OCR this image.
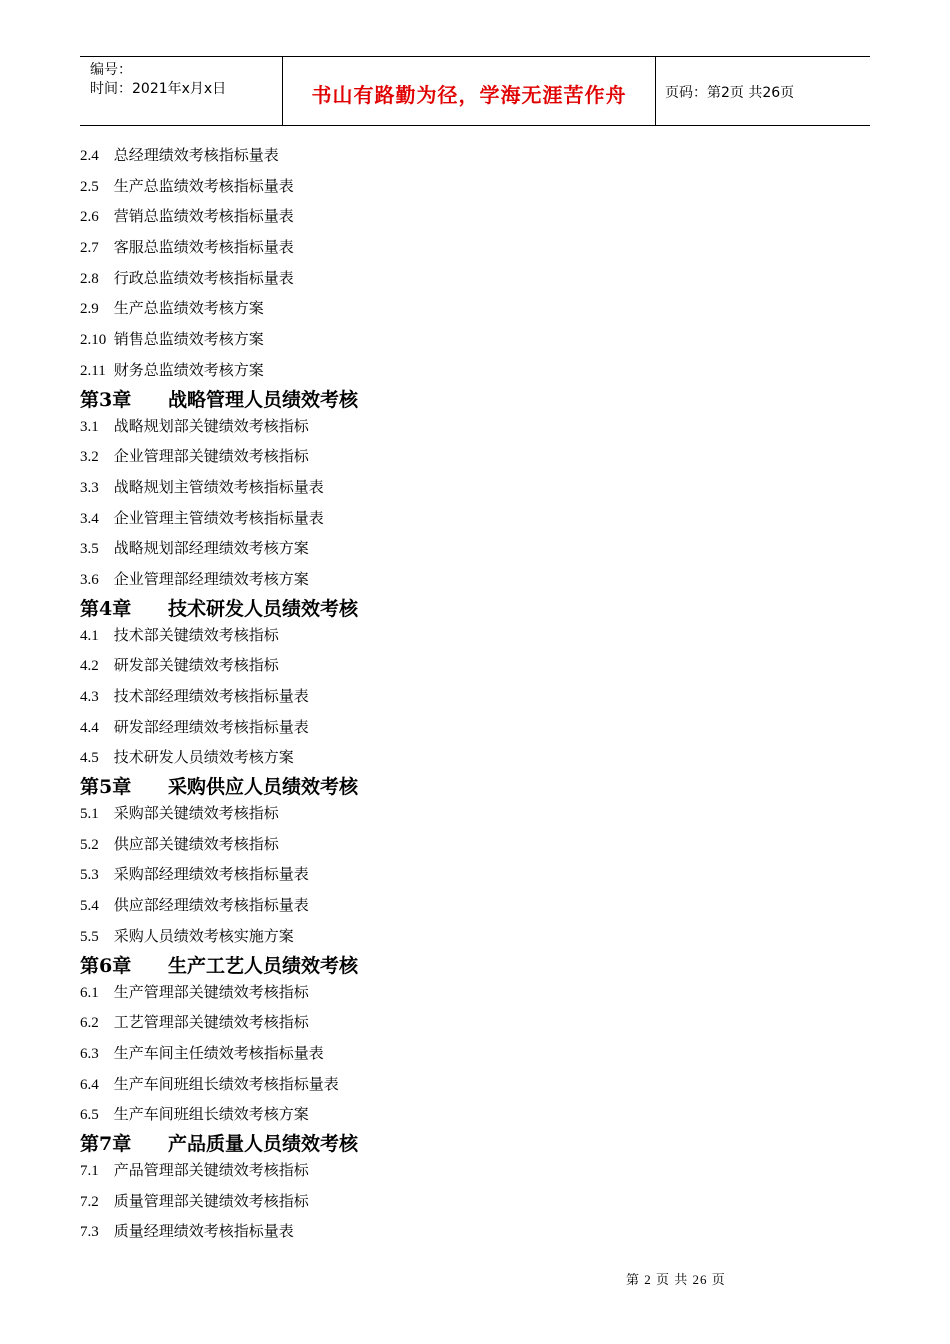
编号：
时间：2021年x月x日	书山有路勤为径，学海无涯苦作舟	页码：第2页 共26页
2.4 总经理绩效考核指标量表
2.5 生产总监绩效考核指标量表
2.6 营销总监绩效考核指标量表
2.7 客服总监绩效考核指标量表
2.8 行政总监绩效考核指标量表
2.9 生产总监绩效考核方案
2.10 销售总监绩效考核方案
2.11 财务总监绩效考核方案
第3章 战略管理人员绩效考核
3.1 战略规划部关键绩效考核指标
3.2 企业管理部关键绩效考核指标
3.3 战略规划主管绩效考核指标量表
3.4 企业管理主管绩效考核指标量表
3.5 战略规划部经理绩效考核方案
3.6 企业管理部经理绩效考核方案
第4章 技术研发人员绩效考核
4.1 技术部关键绩效考核指标
4.2 研发部关键绩效考核指标
4.3 技术部经理绩效考核指标量表
4.4 研发部经理绩效考核指标量表
4.5 技术研发人员绩效考核方案
第5章 采购供应人员绩效考核
5.1 采购部关键绩效考核指标
5.2 供应部关键绩效考核指标
5.3 采购部经理绩效考核指标量表
5.4 供应部经理绩效考核指标量表
5.5 采购人员绩效考核实施方案
第6章 生产工艺人员绩效考核
6.1 生产管理部关键绩效考核指标
6.2 工艺管理部关键绩效考核指标
6.3 生产车间主任绩效考核指标量表
6.4 生产车间班组长绩效考核指标量表
6.5 生产车间班组长绩效考核方案
第7章 产品质量人员绩效考核
7.1 产品管理部关键绩效考核指标
7.2 质量管理部关键绩效考核指标
7.3 质量经理绩效考核指标量表
第 2 页 共 26 页
